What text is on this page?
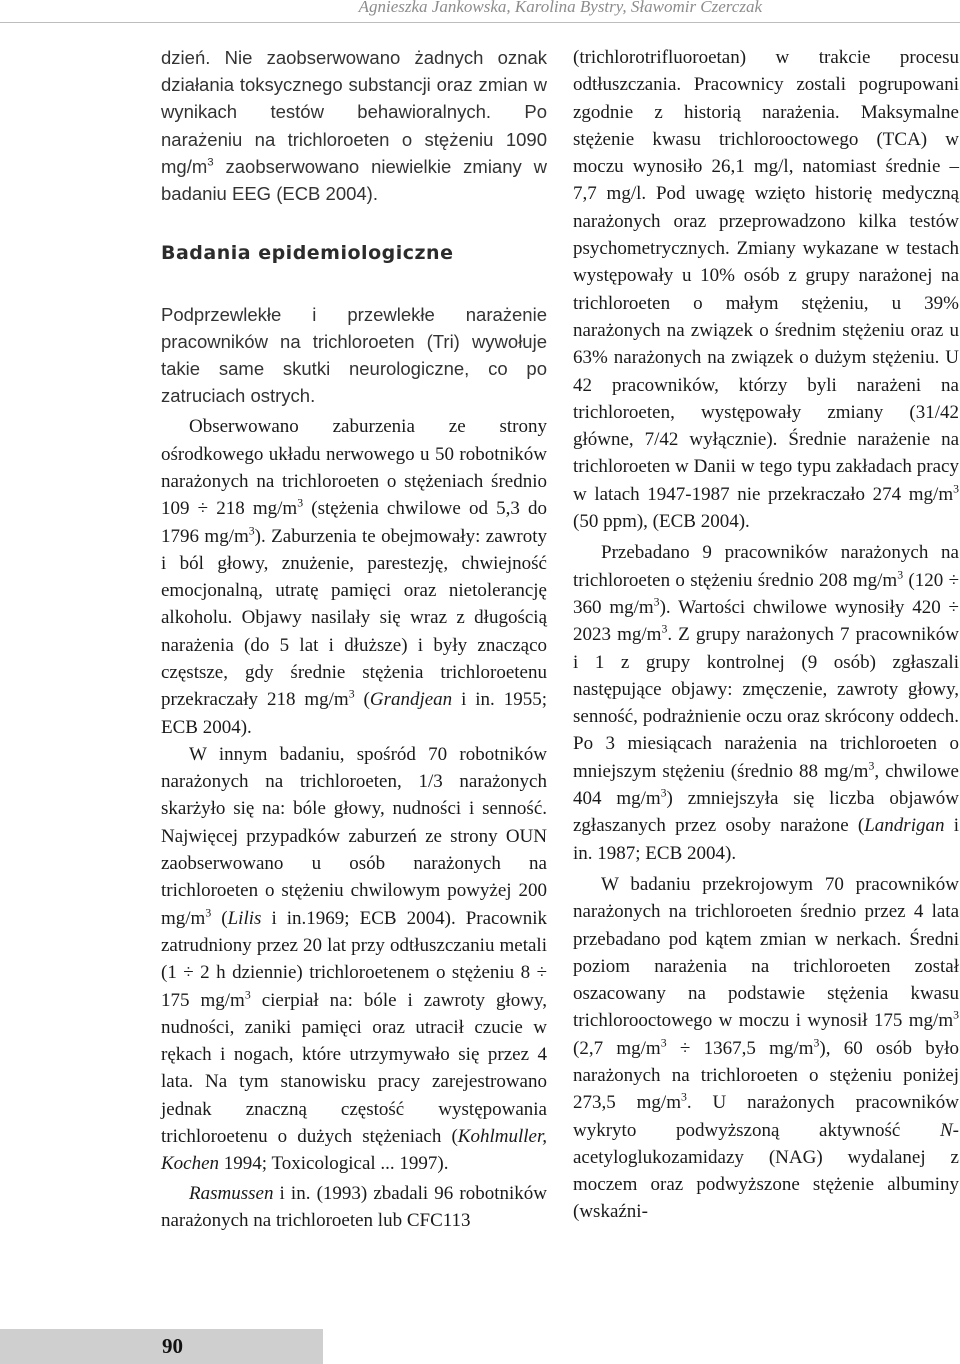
Agnieszka Jankowska, Karolina Bystry, Sławomir Czerczak

dzień. Nie zaobserwowano żadnych oznak działania toksycznego substancji oraz zmian w wynikach testów behawioralnych. Po narażeniu na trichloroeten o stężeniu 1090 $mg/m^3$ zaobserwowano niewielkie zmiany w badaniu EEG (ECB 2004).

Badania epidemiologiczne

Podprzewlekłe i przewlekłe narażenie pracowników na trichloroeten (Tri) wywołuje takie same skutki neurologiczne, co po zatruciach ostrych.

Obserwowano zaburzenia ze strony ośrodkowego układu nerwowego u 50 robotników narażonych na trichloroeten o stężeniach średnio 109 ÷ 218 $mg/m^3$ (stężenia chwilowe od 5,3 do 1796 $mg/m^3$). Zaburzenia te obejmowały: zawroty i ból głowy, znużenie, parestezję, chwiejność emocjonalną, utratę pamięci oraz nietolerancję alkoholu. Objawy nasilały się wraz z długością narażenia (do 5 lat i dłuższe) i były znacząco częstsze, gdy średnie stężenia trichloroetenu przekraczały 218 $mg/m^3$ (Grandjean i in. 1955; ECB 2004).

W innym badaniu, spośród 70 robotników narażonych na trichloroeten, 1/3 narażonych skarżyło się na: bóle głowy, nudności i senność. Najwięcej przypadków zaburzeń ze strony OUN zaobserwowano u osób narażonych na trichloroeten o stężeniu chwilowym powyżej 200 $mg/m^3$ (Lilis i in.1969; ECB 2004). Pracownik zatrudniony przez 20 lat przy odtłuszczaniu metali (1 ÷ 2 h dziennie) trichloroetenem o stężeniu 8 ÷ 175 $mg/m^3$ cierpiał na: bóle i zawroty głowy, nudności, zaniki pamięci oraz utracił czucie w rękach i nogach, które utrzymywało się przez 4 lata. Na tym stanowisku pracy zarejestrowano jednak znaczną częstość występowania trichloroetenu o dużych stężeniach (Kohlmuller, Kochen 1994; Toxicological ... 1997).

Rasmussen i in. (1993) zbadali 96 robotników narażonych na trichloroeten lub CFC113

(trichlorotrifluoroetan) w trakcie procesu odtłuszczania. Pracownicy zostali pogrupowani zgodnie z historią narażenia. Maksymalne stężenie kwasu trichlorooctowego (TCA) w moczu wynosiło 26,1 mg/l, natomiast średnie – 7,7 mg/l. Pod uwagę wzięto historię medyczną narażonych oraz przeprowadzono kilka testów psychometrycznych. Zmiany wykazane w testach występowały u 10% osób z grupy narażonej na trichloroeten o małym stężeniu, u 39% narażonych na związek o średnim stężeniu oraz u 63% narażonych na związek o dużym stężeniu. U 42 pracowników, którzy byli narażeni na trichloroeten, występowały zmiany (31/42 główne, 7/42 wyłącznie). Średnie narażenie na trichloroeten w Danii w tego typu zakładach pracy w latach 1947-1987 nie przekraczało 274 $mg/m^3$ (50 ppm), (ECB 2004).

Przebadano 9 pracowników narażonych na trichloroeten o stężeniu średnio 208 $mg/m^3$ (120 ÷ 360 $mg/m^3$). Wartości chwilowe wynosiły 420 ÷ 2023 $mg/m^3$. Z grupy narażonych 7 pracowników i 1 z grupy kontrolnej (9 osób) zgłaszali następujące objawy: zmęczenie, zawroty głowy, senność, podrażnienie oczu oraz skrócony oddech. Po 3 miesiącach narażenia na trichloroeten o mniejszym stężeniu (średnio 88 $mg/m^3$, chwilowe 404 $mg/m^3$) zmniejszyła się liczba objawów zgłaszanych przez osoby narażone (Landrigan i in. 1987; ECB 2004).

W badaniu przekrojowym 70 pracowników narażonych na trichloroeten średnio przez 4 lata przebadano pod kątem zmian w nerkach. Średni poziom narażenia na trichloroeten został oszacowany na podstawie stężenia kwasu trichlorooctowego w moczu i wynosił 175 $mg/m^3$ (2,7 $mg/m^3 \div 1367,5$ $mg/m^3$), 60 osób było narażonych na trichloroeten o stężeniu poniżej 273,5 $mg/m^3$. U narażonych pracowników wykryto podwyższoną aktywność N-acetyloglukozamidazy (NAG) wydalanej z moczem oraz podwyższone stężenie albuminy (wskaźni-

90
